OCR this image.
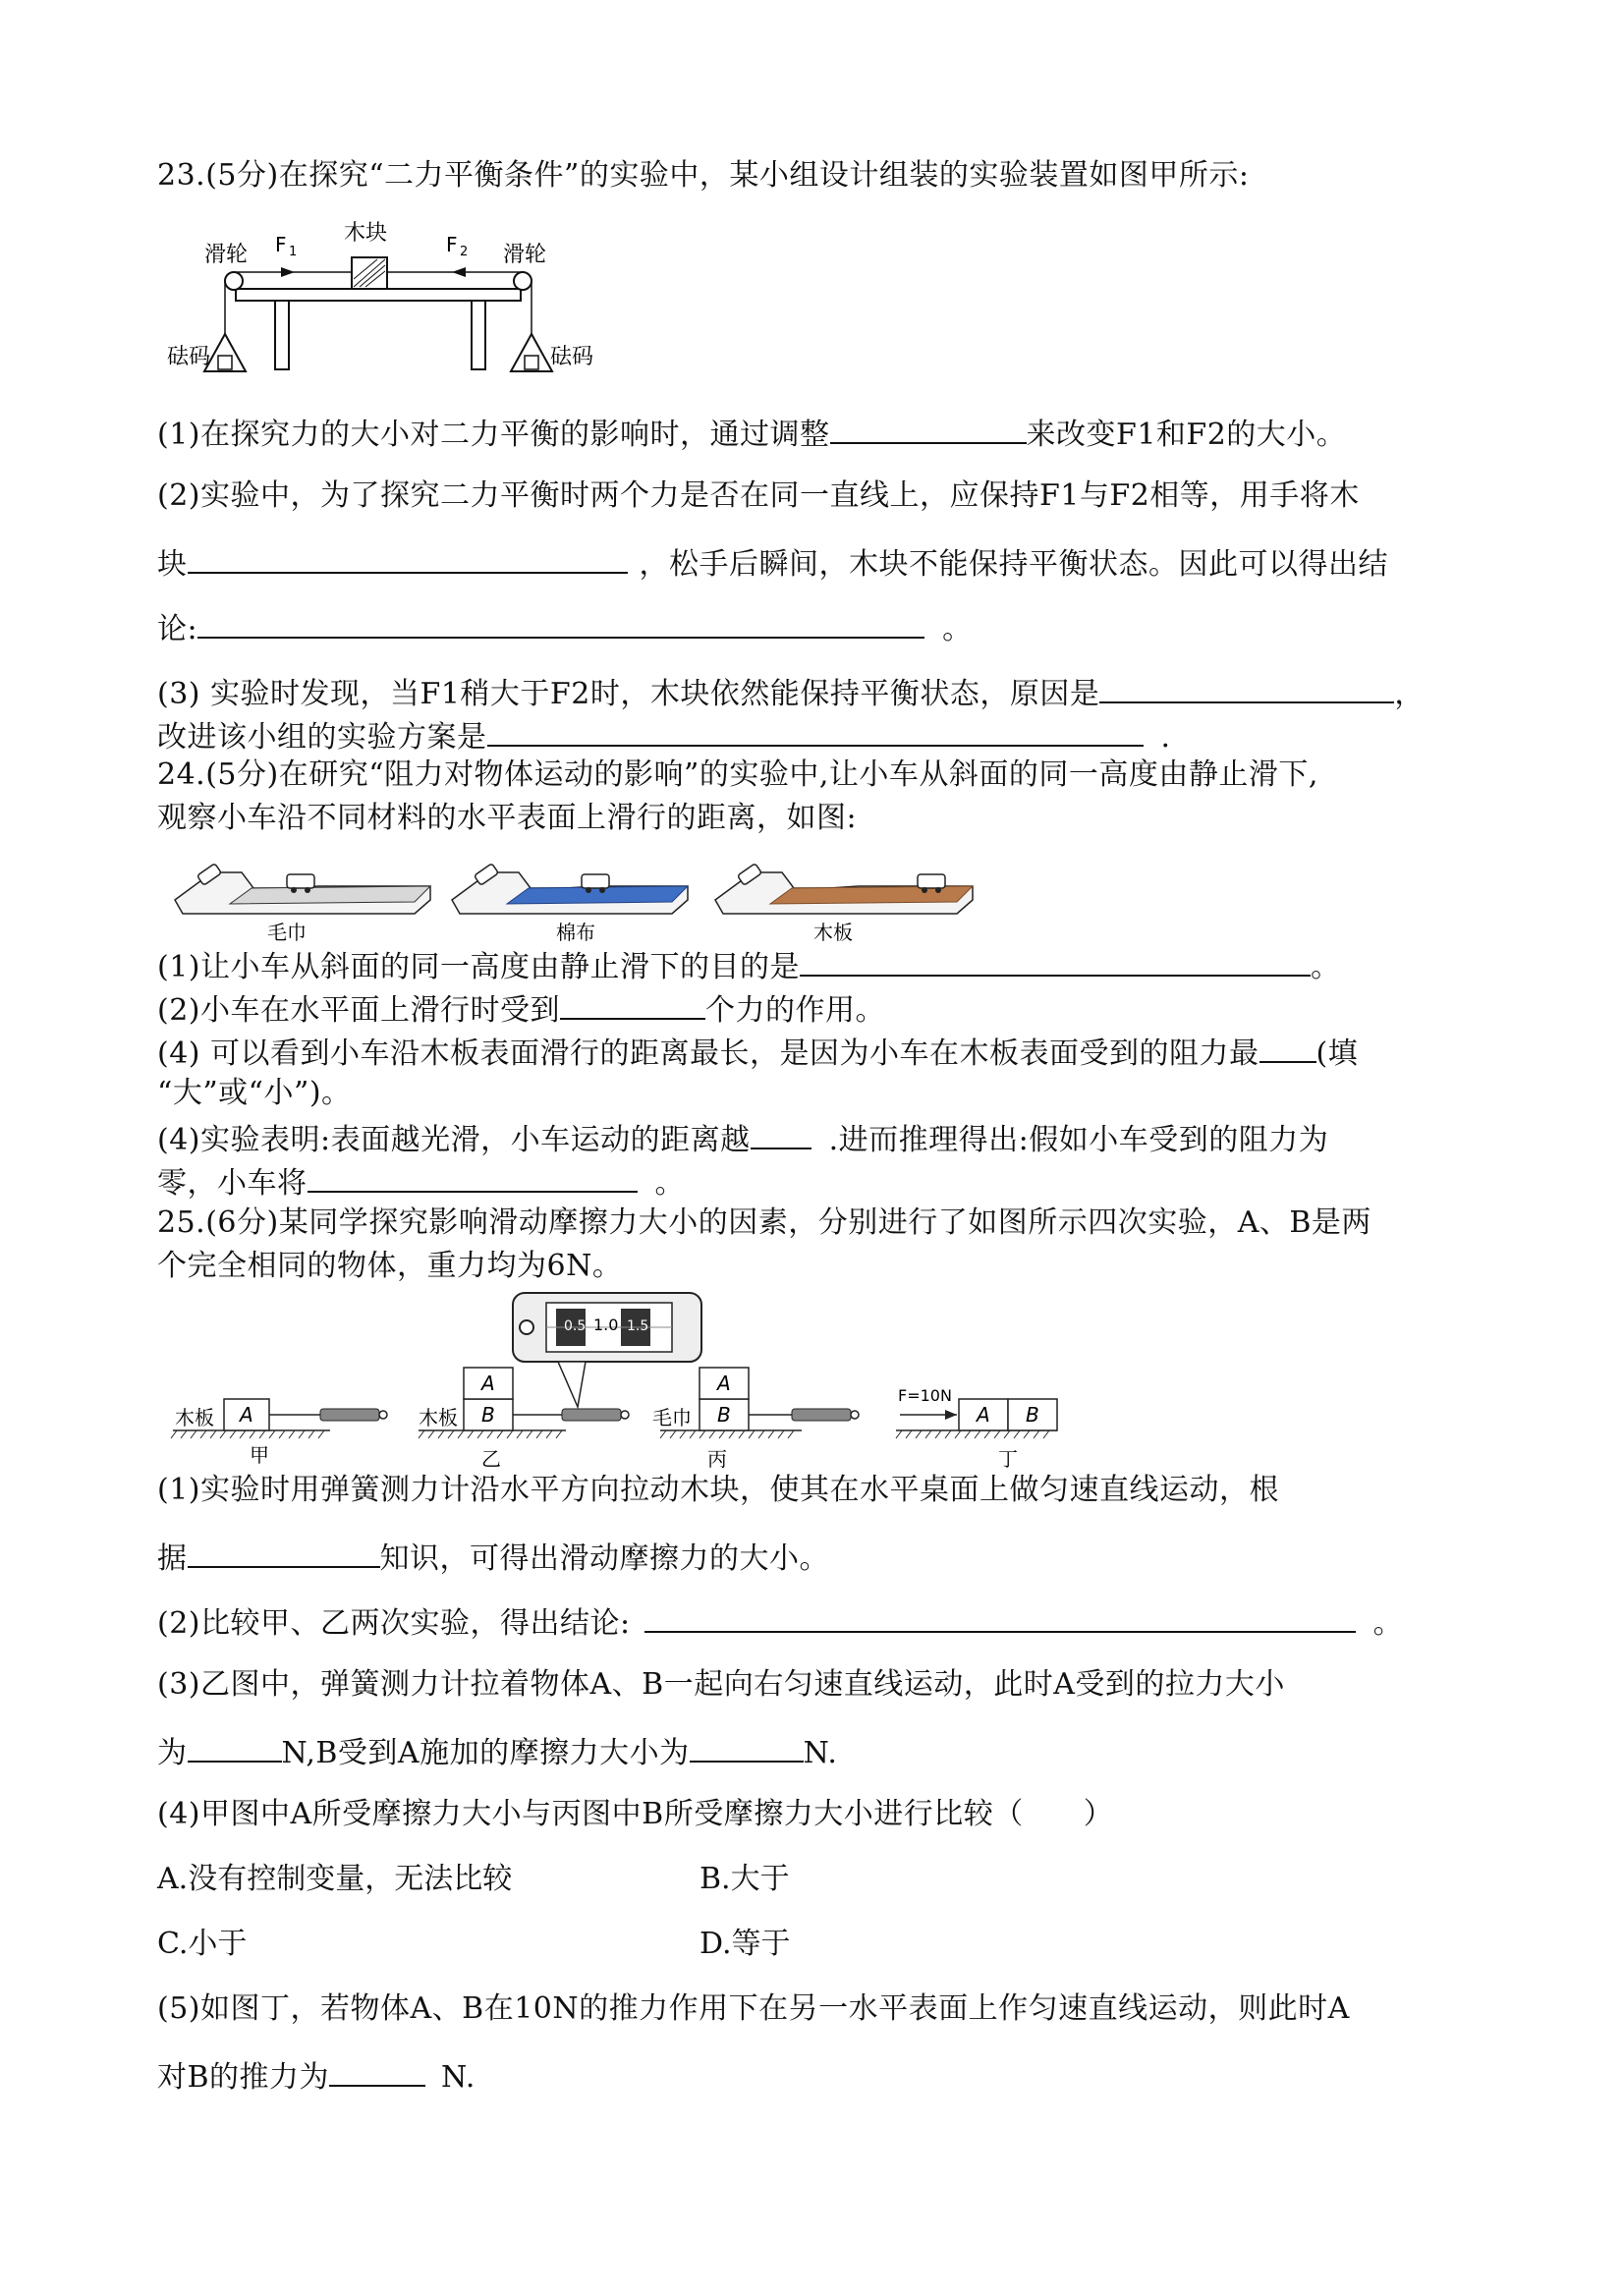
23.(5分)在探究“二力平衡条件”的实验中，某小组设计组装的实验装置如图甲所示:
滑轮	滑轮
木块
F 1	F 2
砝码	砝码
(1)在探究力的大小对二力平衡的影响时，通过调整	来改变F1和F2的大小。
(2)实验中，为了探究二力平衡时两个力是否在同一直线上，应保持F1与F2相等，用手将木
块	，松手后瞬间，木块不能保持平衡状态。因此可以得出结
论:	。
(3) 实验时发现，当F1稍大于F2时，木块依然能保持平衡状态，原因是	，
改进该小组的实验方案是	.
24.(5分)在研究“阻力对物体运动的影响”的实验中,让小车从斜面的同一高度由静止滑下,
观察小车沿不同材料的水平表面上滑行的距离，如图:
毛巾	棉布	木板
(1)让小车从斜面的同一高度由静止滑下的目的是	。
(2)小车在水平面上滑行时受到	个力的作用。
(4) 可以看到小车沿木板表面滑行的距离最长，是因为小车在木板表面受到的阻力最 (填
“大”或“小”)。
(4)实验表明:表面越光滑，小车运动的距离越	.进而推理得出:假如小车受到的阻力为
零，小车将	。
25.(6分)某同学探究影响滑动摩擦力大小的因素，分别进行了如图所示四次实验，A、B是两
个完全相同的物体，重力均为6N。
0.5 1.0 1.5
木板 A
甲
木板 B
A
乙
毛巾 B
A
丙
F=10N
A B
丁
(1)实验时用弹簧测力计沿水平方向拉动木块，使其在水平桌面上做匀速直线运动，根
据	知识，可得出滑动摩擦力的大小。
(2)比较甲、乙两次实验，得出结论:	。
(3)乙图中，弹簧测力计拉着物体A、B一起向右匀速直线运动，此时A受到的拉力大小
为	N,B受到A施加的摩擦力大小为	N.
(4)甲图中A所受摩擦力大小与丙图中B所受摩擦力大小进行比较（　　）
A.没有控制变量，无法比较	B.大于
C.小于	D.等于
(5)如图丁，若物体A、B在10N的推力作用下在另一水平表面上作匀速直线运动，则此时A
对B的推力为	N.
